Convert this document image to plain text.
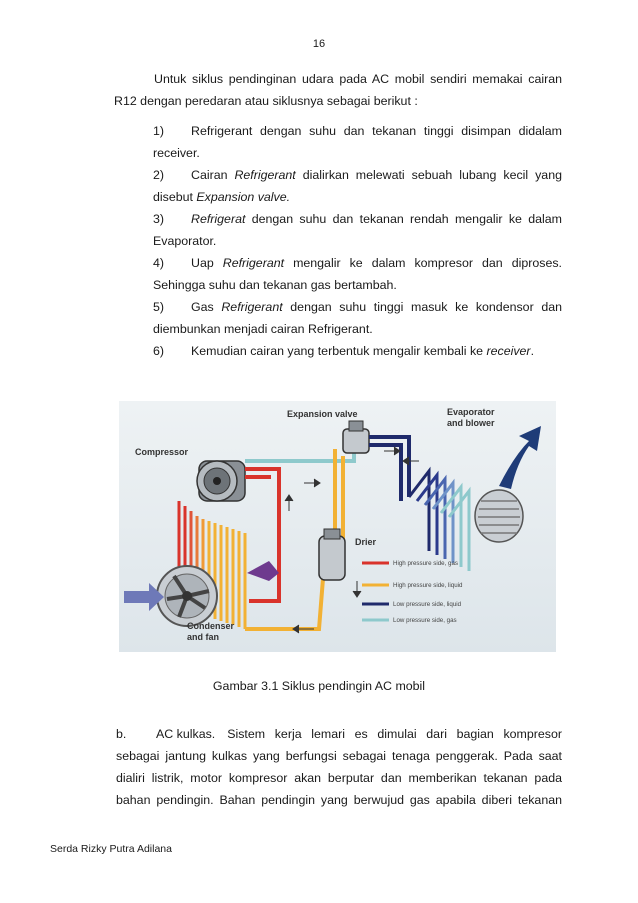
16
Untuk siklus pendinginan udara pada AC mobil sendiri memakai cairan
R12 dengan peredaran atau siklusnya sebagai berikut :
1)	Refrigerant dengan suhu dan tekanan tinggi disimpan didalam
receiver.
2)	Cairan Refrigerant dialirkan melewati sebuah lubang kecil yang
disebut Expansion valve.
3)	Refrigerat dengan suhu dan tekanan rendah mengalir ke dalam
Evaporator.
4)	Uap Refrigerant mengalir ke dalam kompresor dan diproses.
Sehingga suhu dan tekanan gas bertambah.
5)	Gas Refrigerant dengan suhu tinggi masuk ke kondensor dan
diembunkan menjadi cairan Refrigerant.
6)	Kemudian cairan yang terbentuk mengalir kembali ke receiver.
Expansion valve	Evaporator
and blower
Compressor
Drier
Condenser
and fan
High pressure side, gas
High pressure side, liquid
Low pressure side, liquid
Low pressure side, gas
Gambar 3.1 Siklus pendingin AC mobil
b.	AC kulkas. Sistem kerja lemari es dimulai dari bagian kompresor
sebagai jantung kulkas yang berfungsi sebagai tenaga penggerak. Pada saat
dialiri listrik, motor kompresor akan berputar dan memberikan tekanan pada
bahan pendingin. Bahan pendingin yang berwujud gas apabila diberi tekanan
Serda Rizky Putra Adilana
